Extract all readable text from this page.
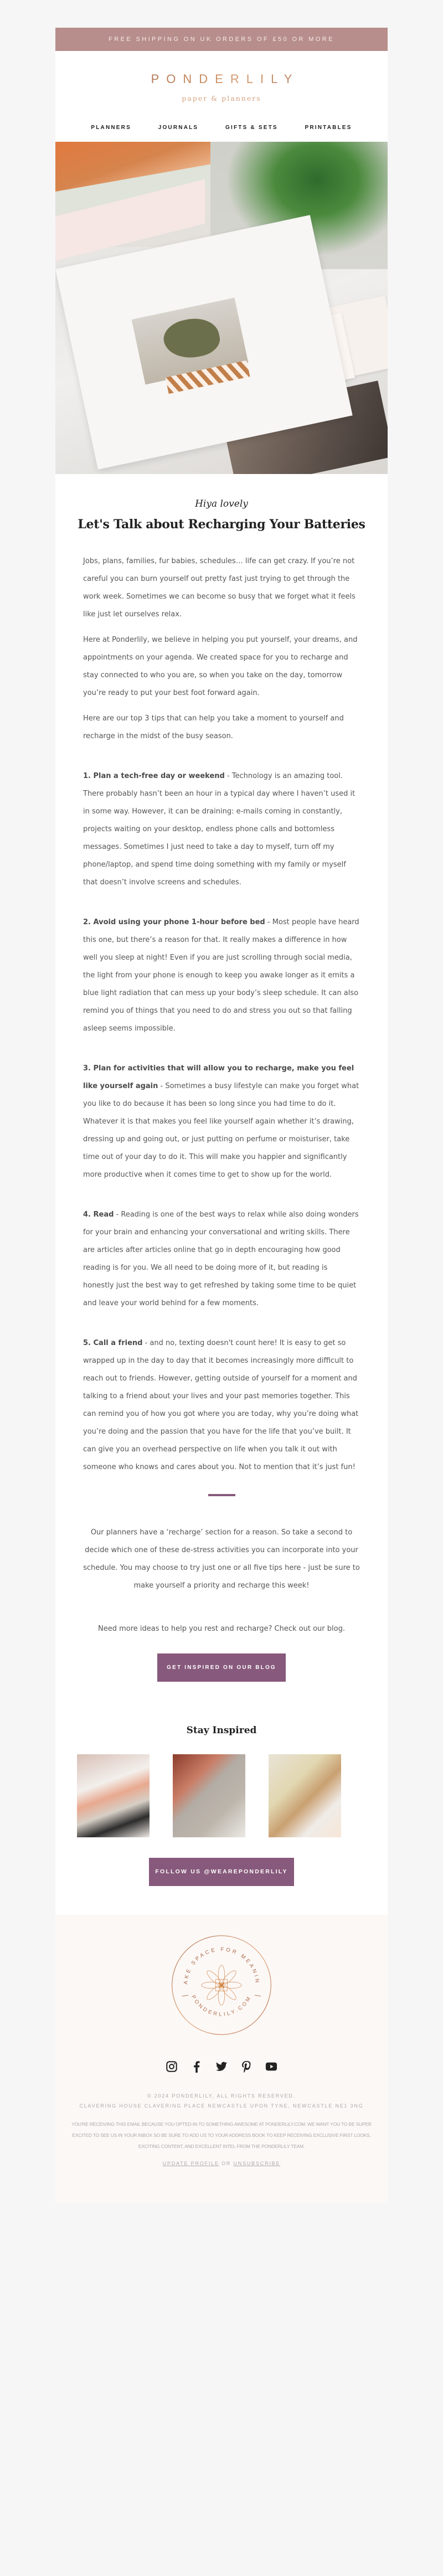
FREE SHIPPING ON UK ORDERS OF £50 OR MORE
PONDERLILY
paper & planners
PLANNERS	JOURNALS	GIFTS & SETS	PRINTABLES
Hiya lovely
Let's Talk about Recharging Your Batteries

Jobs, plans, families, fur babies, schedules… life can get crazy. If you’re not careful you can burn yourself out pretty fast just trying to get through the work week. Sometimes we can become so busy that we forget what it feels like just let ourselves relax.

Here at Ponderlily, we believe in helping you put yourself, your dreams, and appointments on your agenda. We created space for you to recharge and stay connected to who you are, so when you take on the day, tomorrow you’re ready to put your best foot forward again.

Here are our top 3 tips that can help you take a moment to yourself and recharge in the midst of the busy season.

1. Plan a tech-free day or weekend - Technology is an amazing tool. There probably hasn’t been an hour in a typical day where I haven’t used it in some way. However, it can be draining: e-mails coming in constantly, projects waiting on your desktop, endless phone calls and bottomless messages. Sometimes I just need to take a day to myself, turn off my phone/laptop, and spend time doing something with my family or myself that doesn’t involve screens and schedules.

2. Avoid using your phone 1-hour before bed - Most people have heard this one, but there’s a reason for that. It really makes a difference in how well you sleep at night! Even if you are just scrolling through social media, the light from your phone is enough to keep you awake longer as it emits a blue light radiation that can mess up your body’s sleep schedule. It can also remind you of things that you need to do and stress you out so that falling asleep seems impossible.

3. Plan for activities that will allow you to recharge, make you feel like yourself again - Sometimes a busy lifestyle can make you forget what you like to do because it has been so long since you had time to do it. Whatever it is that makes you feel like yourself again whether it’s drawing, dressing up and going out, or just putting on perfume or moisturiser, take time out of your day to do it. This will make you happier and significantly more productive when it comes time to get to show up for the world.

4. Read - Reading is one of the best ways to relax while also doing wonders for your brain and enhancing your conversational and writing skills. There are articles after articles online that go in depth encouraging how good reading is for you. We all need to be doing more of it, but reading is honestly just the best way to get refreshed by taking some time to be quiet and leave your world behind for a few moments.

5. Call a friend - and no, texting doesn't count here! It is easy to get so wrapped up in the day to day that it becomes increasingly more difficult to reach out to friends. However, getting outside of yourself for a moment and talking to a friend about your lives and your past memories together. This can remind you of how you got where you are today, why you’re doing what you’re doing and the passion that you have for the life that you’ve built. It can give you an overhead perspective on life when you talk it out with someone who knows and cares about you. Not to mention that it’s just fun!

Our planners have a ‘recharge’ section for a reason. So take a second to decide which one of these de-stress activities you can incorporate into your schedule. You may choose to try just one or all five tips here - just be sure to make yourself a priority and recharge this week!

Need more ideas to help you rest and recharge? Check out our blog.

GET INSPIRED ON OUR BLOG
Stay Inspired
FOLLOW US @WEAREPONDERLILY
AKE SPACE FOR MEANIN
PONDERLILY.COM
© 2024 PONDERLILY, ALL RIGHTS RESERVED.
CLAVERING HOUSE CLAVERING PLACE NEWCASTLE UPON TYNE, NEWCASTLE NE1 3NG
YOU'RE RECEIVING THIS EMAIL BECAUSE YOU OPTED-IN TO SOMETHING AWESOME AT PONDERLILY.COM. WE WANT YOU TO BE SUPER EXCITED TO SEE US IN YOUR INBOX SO BE SURE TO ADD US TO YOUR ADDRESS BOOK TO KEEP RECEIVING EXCLUSIVE FIRST LOOKS, EXCITING CONTENT, AND EXCELLENT INTEL FROM THE PONDERLILY TEAM.
UPDATE PROFILE OR UNSUBSCRIBE
